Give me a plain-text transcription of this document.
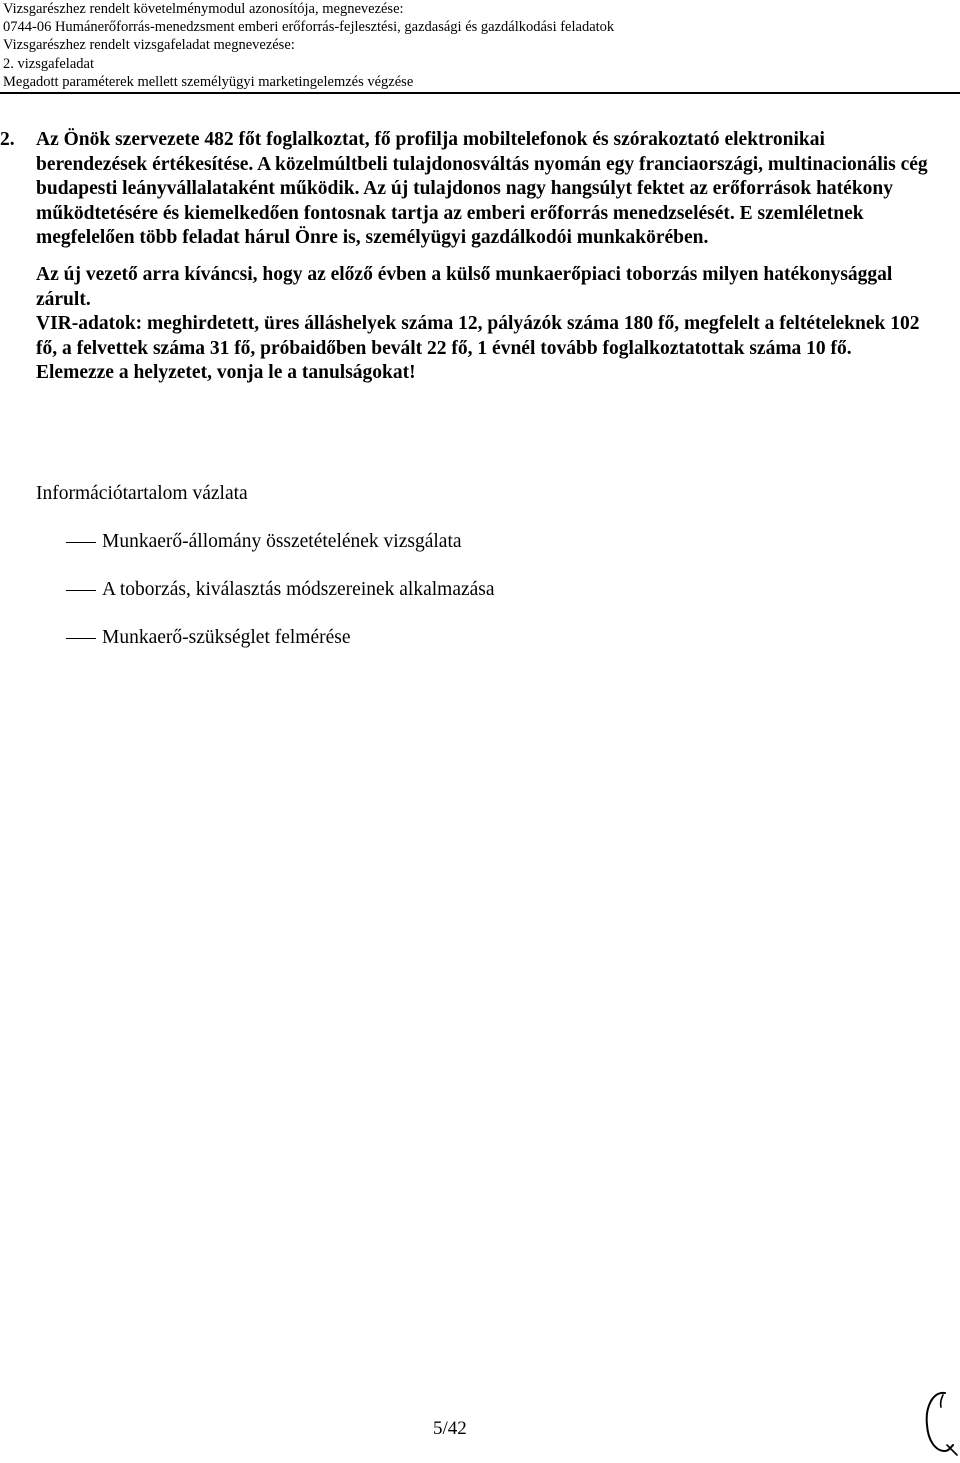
Vizsgarészhez rendelt követelménymodul azonosítója, megnevezése:
0744-06 Humánerőforrás-menedzsment emberi erőforrás-fejlesztési, gazdasági és gazdálkodási feladatok
Vizsgarészhez rendelt vizsgafeladat megnevezése:
2. vizsgafeladat
Megadott paraméterek mellett személyügyi marketingelemzés végzése
2.	Az Önök szervezete 482 főt foglalkoztat, fő profilja mobiltelefonok és szórakoztató elektronikai berendezések értékesítése. A közelmúltbeli tulajdonosváltás nyomán egy franciaországi, multinacionális cég budapesti leányvállalataként működik. Az új tulajdonos nagy hangsúlyt fektet az erőforrások hatékony működtetésére és kiemelkedően fontosnak tartja az emberi erőforrás menedzselését. E szemléletnek megfelelően több feladat hárul Önre is, személyügyi gazdálkodói munkakörében.

Az új vezető arra kíváncsi, hogy az előző évben a külső munkaerőpiaci toborzás milyen hatékonysággal zárult.

VIR-adatok: meghirdetett, üres álláshelyek száma 12, pályázók száma 180 fő, megfelelt a feltételeknek 102 fő, a felvettek száma 31 fő, próbaidőben bevált 22 fő, 1 évnél tovább foglalkoztatottak száma 10 fő. Elemezze a helyzetet, vonja le a tanulságokat!

Információtartalom vázlata
Munkaerő-állomány összetételének vizsgálata
A toborzás, kiválasztás módszereinek alkalmazása
Munkaerő-szükséglet felmérése
5/42
